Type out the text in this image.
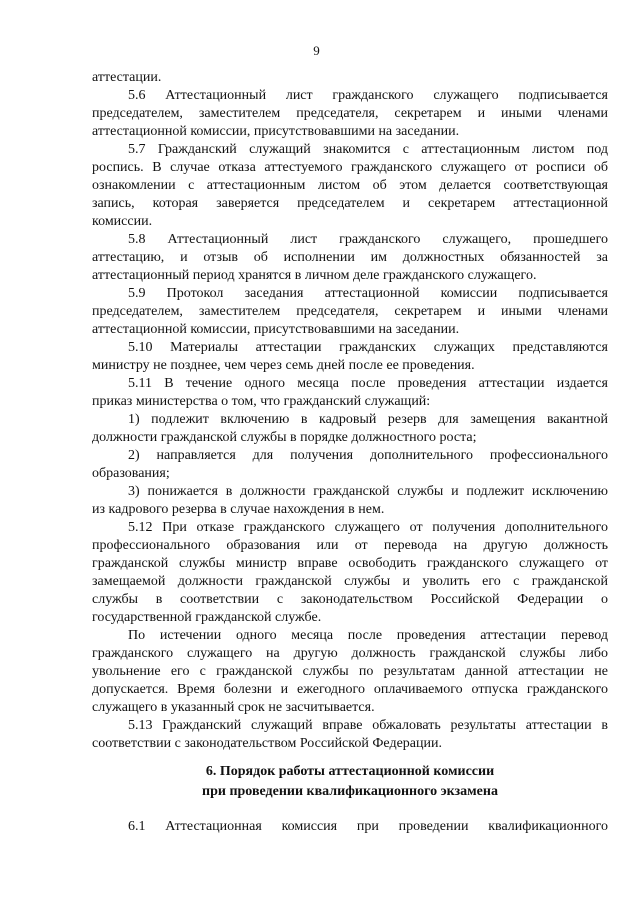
9
аттестации.
5.6 Аттестационный лист гражданского служащего подписывается
председателем, заместителем председателя, секретарем и иными членами
аттестационной комиссии, присутствовавшими на заседании.
5.7 Гражданский служащий знакомится с аттестационным листом под
роспись. В случае отказа аттестуемого гражданского служащего от росписи об
ознакомлении с аттестационным листом об этом делается соответствующая
запись, которая заверяется председателем и секретарем аттестационной
комиссии.
5.8 Аттестационный лист гражданского служащего, прошедшего
аттестацию, и отзыв об исполнении им должностных обязанностей за
аттестационный период хранятся в личном деле гражданского служащего.
5.9 Протокол заседания аттестационной комиссии подписывается
председателем, заместителем председателя, секретарем и иными членами
аттестационной комиссии, присутствовавшими на заседании.
5.10 Материалы аттестации гражданских служащих представляются
министру не позднее, чем через семь дней после ее проведения.
5.11 В течение одного месяца после проведения аттестации издается
приказ министерства о том, что гражданский служащий:
1) подлежит включению в кадровый резерв для замещения вакантной
должности гражданской службы в порядке должностного роста;
2) направляется для получения дополнительного профессионального
образования;
3) понижается в должности гражданской службы и подлежит исключению
из кадрового резерва в случае нахождения в нем.
5.12 При отказе гражданского служащего от получения дополнительного
профессионального образования или от перевода на другую должность
гражданской службы министр вправе освободить гражданского служащего от
замещаемой должности гражданской службы и уволить его с гражданской
службы в соответствии с законодательством Российской Федерации о
государственной гражданской службе.
По истечении одного месяца после проведения аттестации перевод
гражданского служащего на другую должность гражданской службы либо
увольнение его с гражданской службы по результатам данной аттестации не
допускается. Время болезни и ежегодного оплачиваемого отпуска гражданского
служащего в указанный срок не засчитывается.
5.13 Гражданский служащий вправе обжаловать результаты аттестации в
соответствии с законодательством Российской Федерации.
6. Порядок работы аттестационной комиссии
при проведении квалификационного экзамена
6.1 Аттестационная комиссия при проведении квалификационного
